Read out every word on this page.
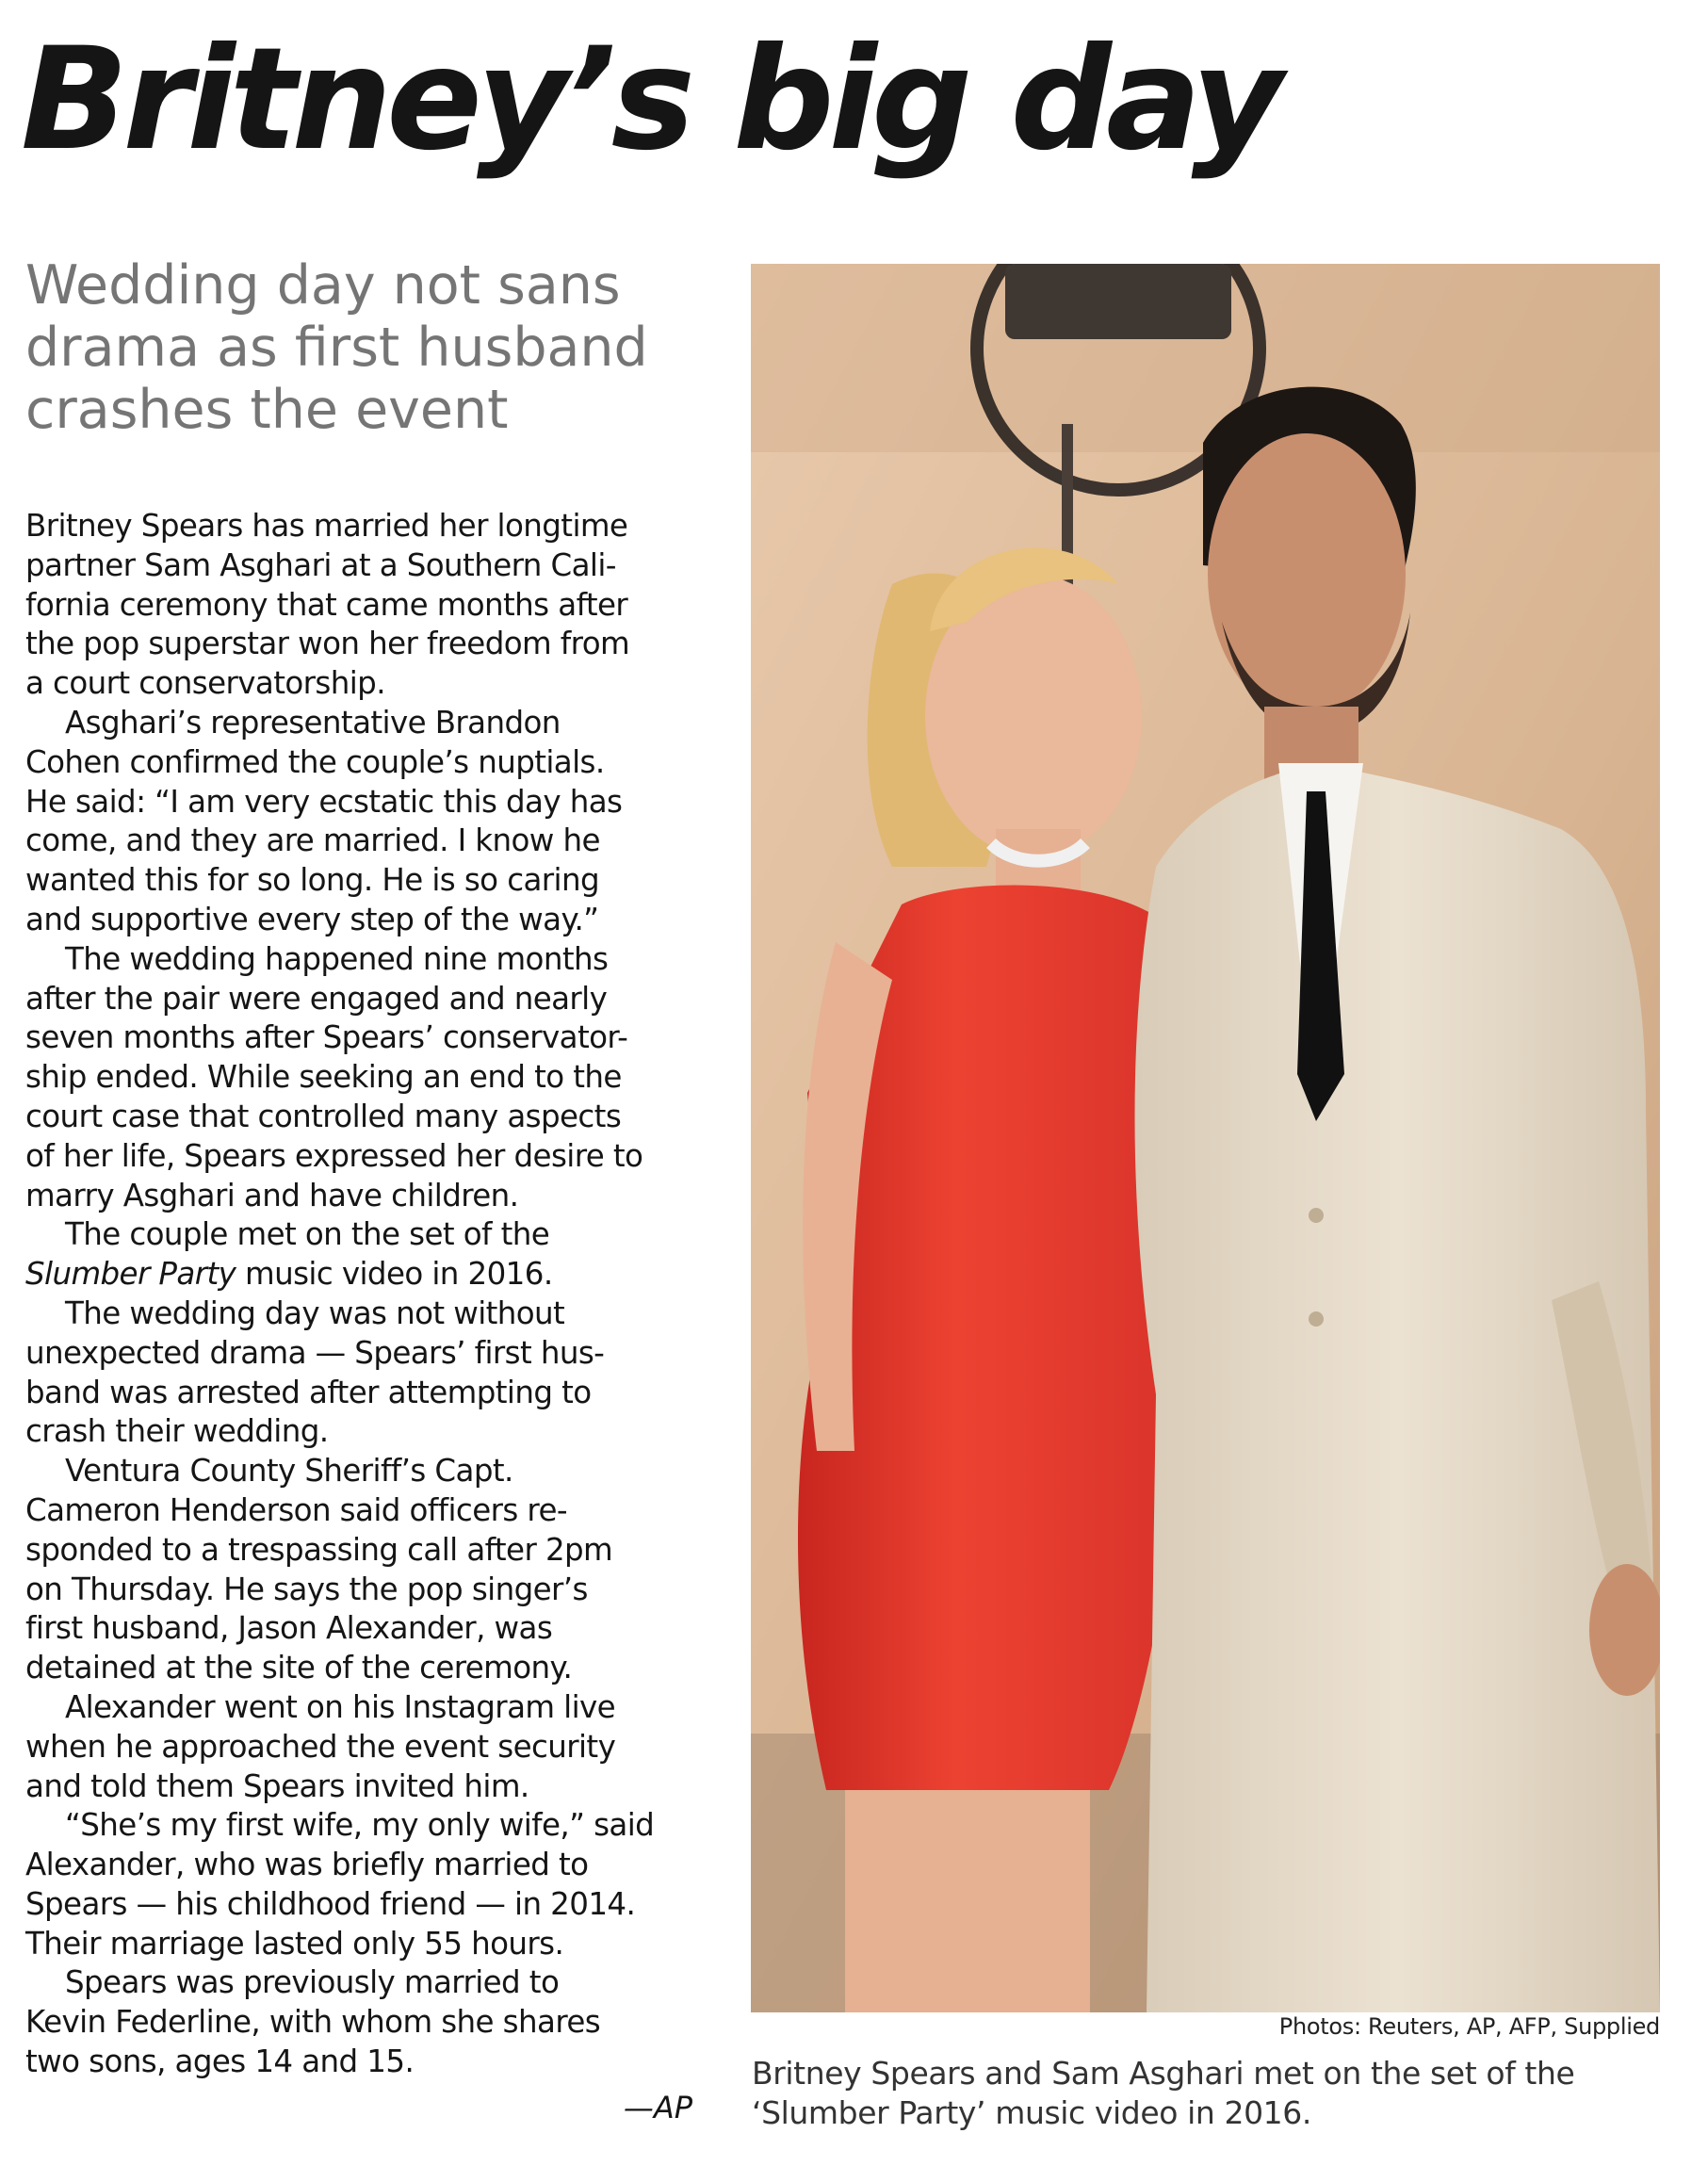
Britney’s big day
Wedding day not sans
drama as first husband
crashes the event
Britney Spears has married her longtime
partner Sam Asghari at a Southern Cali-
fornia ceremony that came months after
the pop superstar won her freedom from
a court conservatorship.
Asghari’s representative Brandon
Cohen confirmed the couple’s nuptials.
He said: “I am very ecstatic this day has
come, and they are married. I know he
wanted this for so long. He is so caring
and supportive every step of the way.”
The wedding happened nine months
after the pair were engaged and nearly
seven months after Spears’ conservator-
ship ended. While seeking an end to the
court case that controlled many aspects
of her life, Spears expressed her desire to
marry Asghari and have children.
The couple met on the set of the
Slumber Party music video in 2016.
The wedding day was not without
unexpected drama — Spears’ first hus-
band was arrested after attempting to
crash their wedding.
Ventura County Sheriff’s Capt.
Cameron Henderson said officers re-
sponded to a trespassing call after 2pm
on Thursday. He says the pop singer’s
first husband, Jason Alexander, was
detained at the site of the ceremony.
Alexander went on his Instagram live
when he approached the event security
and told them Spears invited him.
“She’s my first wife, my only wife,” said
Alexander, who was briefly married to
Spears — his childhood friend — in 2014.
Their marriage lasted only 55 hours.
Spears was previously married to
Kevin Federline, with whom she shares
two sons, ages 14 and 15.
—AP
Photos: Reuters, AP, AFP, Supplied
Britney Spears and Sam Asghari met on the set of the
‘Slumber Party’ music video in 2016.
